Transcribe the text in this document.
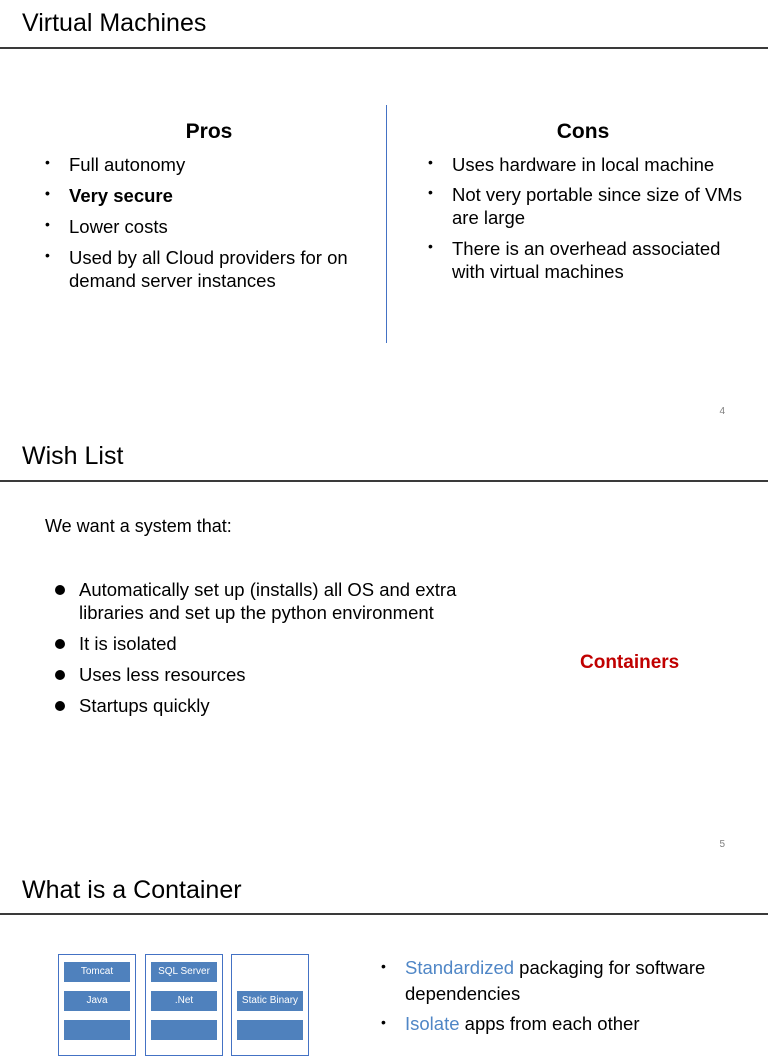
Virtual Machines
Pros
• Full autonomy
• Very secure
• Lower costs
• Used by all Cloud providers for on demand server instances
Cons
• Uses hardware in local machine
• Not very portable since size of VMs are large
• There is an overhead associated with virtual machines
4
Wish List
We want a system that:
Automatically set up (installs) all OS and extra libraries and set up the python environment
It is isolated
Uses less resources
Startups quickly
Containers
5
What is a Container
Tomcat
Java
SQL Server
.Net	Static Binary
• Standardized packaging for software dependencies
• Isolate apps from each other
